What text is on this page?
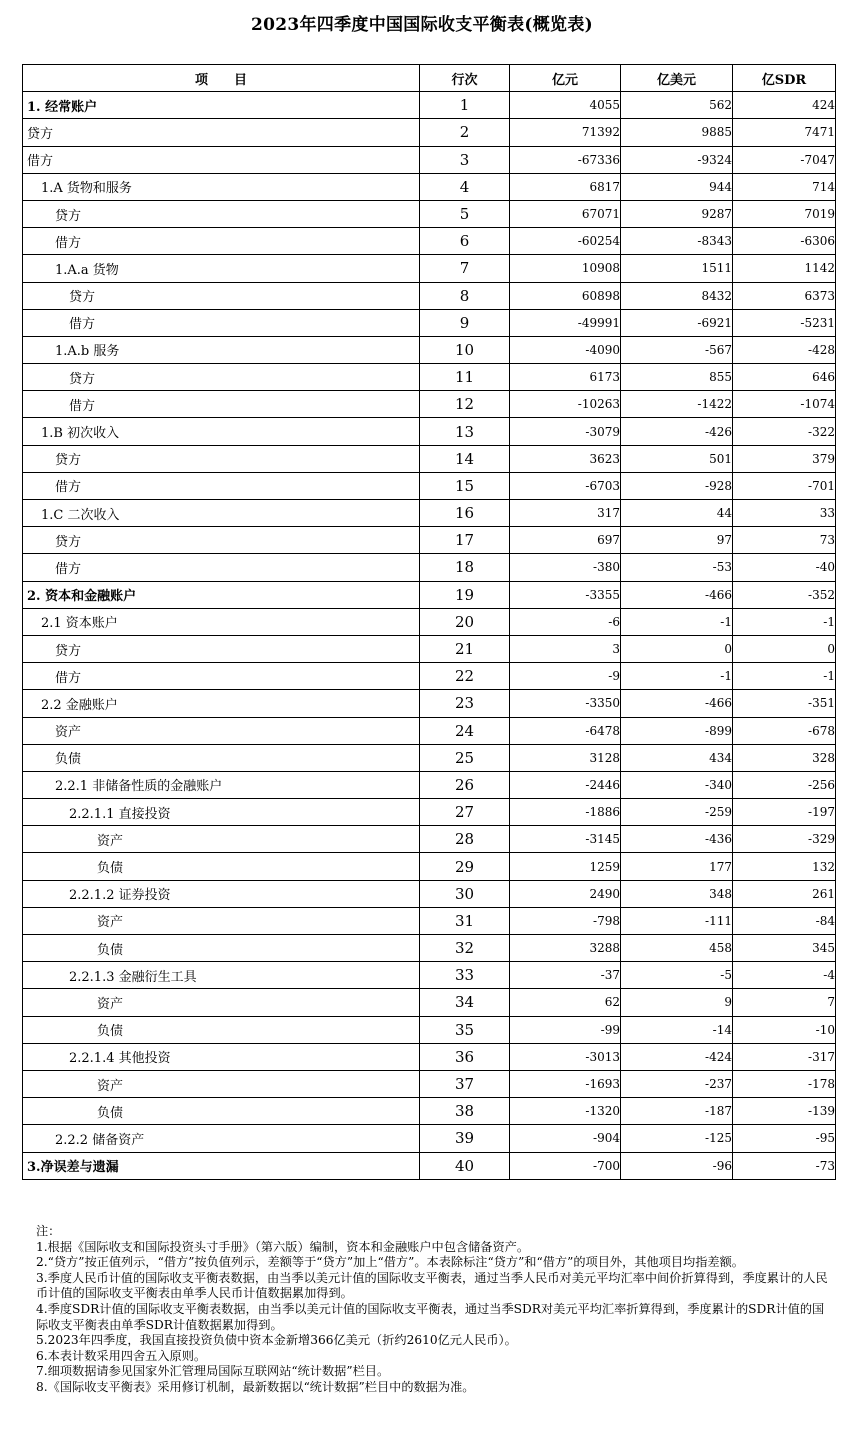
2023年四季度中国国际收支平衡表(概览表)
项　　目	行次	亿元	亿美元	亿SDR
1. 经常账户	1	4055	562	424
贷方	2	71392	9885	7471
借方	3	-67336	-9324	-7047
1.A 货物和服务	4	6817	944	714
贷方	5	67071	9287	7019
借方	6	-60254	-8343	-6306
1.A.a 货物	7	10908	1511	1142
贷方	8	60898	8432	6373
借方	9	-49991	-6921	-5231
1.A.b 服务	10	-4090	-567	-428
贷方	11	6173	855	646
借方	12	-10263	-1422	-1074
1.B 初次收入	13	-3079	-426	-322
贷方	14	3623	501	379
借方	15	-6703	-928	-701
1.C 二次收入	16	317	44	33
贷方	17	697	97	73
借方	18	-380	-53	-40
2. 资本和金融账户	19	-3355	-466	-352
2.1 资本账户	20	-6	-1	-1
贷方	21	3	0	0
借方	22	-9	-1	-1
2.2 金融账户	23	-3350	-466	-351
资产	24	-6478	-899	-678
负债	25	3128	434	328
2.2.1 非储备性质的金融账户	26	-2446	-340	-256
2.2.1.1 直接投资	27	-1886	-259	-197
资产	28	-3145	-436	-329
负债	29	1259	177	132
2.2.1.2 证券投资	30	2490	348	261
资产	31	-798	-111	-84
负债	32	3288	458	345
2.2.1.3 金融衍生工具	33	-37	-5	-4
资产	34	62	9	7
负债	35	-99	-14	-10
2.2.1.4 其他投资	36	-3013	-424	-317
资产	37	-1693	-237	-178
负债	38	-1320	-187	-139
2.2.2 储备资产	39	-904	-125	-95
3.净误差与遗漏	40	-700	-96	-73
注：
1.根据《国际收支和国际投资头寸手册》（第六版）编制，资本和金融账户中包含储备资产。
2.“贷方”按正值列示，“借方”按负值列示，差额等于“贷方”加上“借方”。本表除标注“贷方”和“借方”的项目外，其他项目均指差额。
3.季度人民币计值的国际收支平衡表数据，由当季以美元计值的国际收支平衡表，通过当季人民币对美元平均汇率中间价折算得到，季度累计的人民币计值的国际收支平衡表由单季人民币计值数据累加得到。
4.季度SDR计值的国际收支平衡表数据，由当季以美元计值的国际收支平衡表，通过当季SDR对美元平均汇率折算得到，季度累计的SDR计值的国际收支平衡表由单季SDR计值数据累加得到。
5.2023年四季度，我国直接投资负债中资本金新增366亿美元（折约2610亿元人民币）。
6.本表计数采用四舍五入原则。
7.细项数据请参见国家外汇管理局国际互联网站“统计数据”栏目。
8.《国际收支平衡表》采用修订机制，最新数据以“统计数据”栏目中的数据为准。
